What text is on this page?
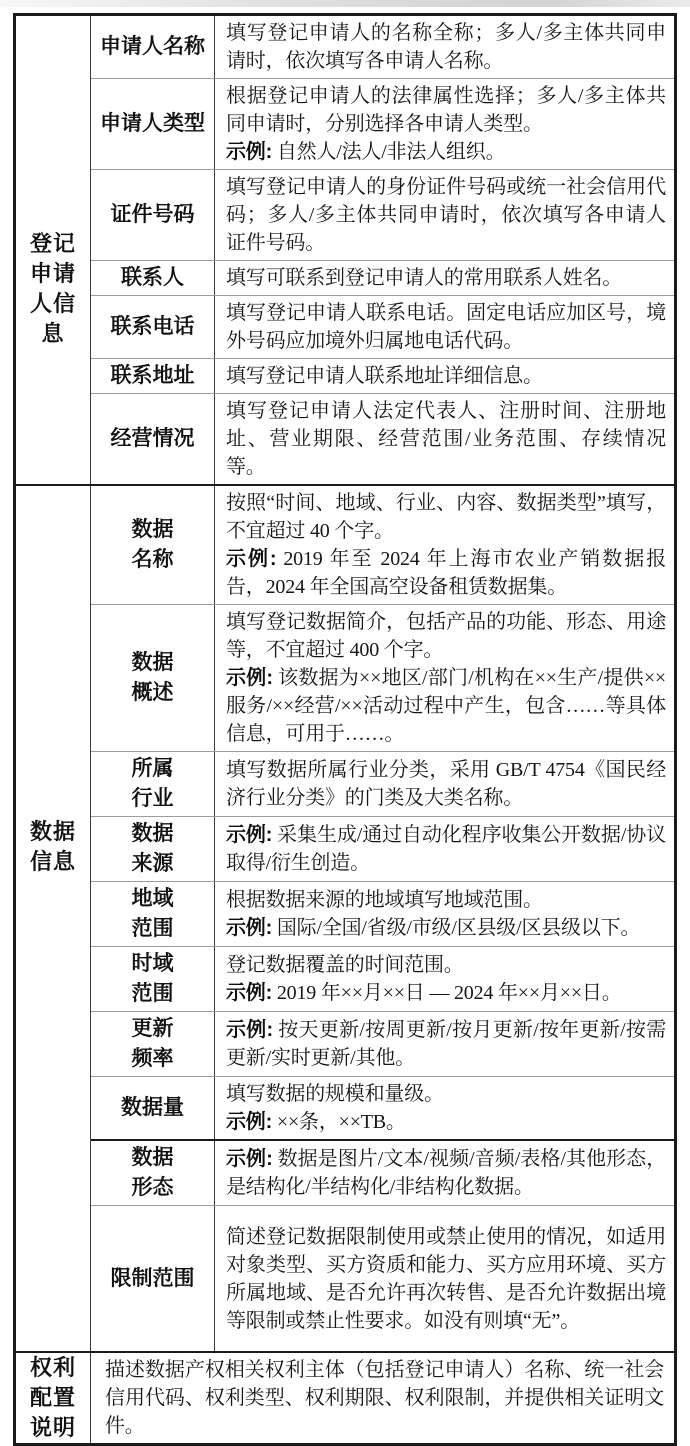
登记
申请
人信
息
申请人名称

填写登记申请人的名称全称；多人/多主体共同申请时，依次填写各申请人名称。

申请人类型

根据登记申请人的法律属性选择；多人/多主体共同申请时，分别选择各申请人类型。

示例: 自然人/法人/非法人组织。

证件号码

填写登记申请人的身份证件号码或统一社会信用代码；多人/多主体共同申请时，依次填写各申请人证件号码。

联系人 填写可联系到登记申请人的常用联系人姓名。

联系电话

填写登记申请人联系电话。固定电话应加区号，境外号码应加境外归属地电话代码。

联系地址 填写登记申请人联系地址详细信息。

经营情况

填写登记申请人法定代表人、注册时间、注册地址、营业期限、经营范围/业务范围、存续情况等。

数据
信息
数据
名称

按照“时间、地域、行业、内容、数据类型”填写，不宜超过 40 个字。

示例: 2019 年至 2024 年上海市农业产销数据报告，2024 年全国高空设备租赁数据集。

数据
概述

填写登记数据简介，包括产品的功能、形态、用途等，不宜超过 400 个字。

示例: 该数据为××地区/部门/机构在××生产/提供××服务/××经营/××活动过程中产生，包含……等具体信息，可用于……。

所属
行业

填写数据所属行业分类，采用 GB/T 4754《国民经济行业分类》的门类及大类名称。

数据
来源

示例: 采集生成/通过自动化程序收集公开数据/协议取得/衍生创造。

地域
范围

根据数据来源的地域填写地域范围。

示例: 国际/全国/省级/市级/区县级/区县级以下。

时域
范围

登记数据覆盖的时间范围。

示例: 2019 年××月××日 — 2024 年××月××日。

更新
频率

示例: 按天更新/按周更新/按月更新/按年更新/按需更新/实时更新/其他。

数据量

填写数据的规模和量级。

示例: ××条，××TB。

数据
形态

示例: 数据是图片/文本/视频/音频/表格/其他形态，是结构化/半结构化/非结构化数据。

限制范围

简述登记数据限制使用或禁止使用的情况，如适用对象类型、买方资质和能力、买方应用环境、买方所属地域、是否允许再次转售、是否允许数据出境等限制或禁止性要求。如没有则填“无”。

权利
配置
说明

描述数据产权相关权利主体（包括登记申请人）名称、统一社会信用代码、权利类型、权利期限、权利限制，并提供相关证明文件。
